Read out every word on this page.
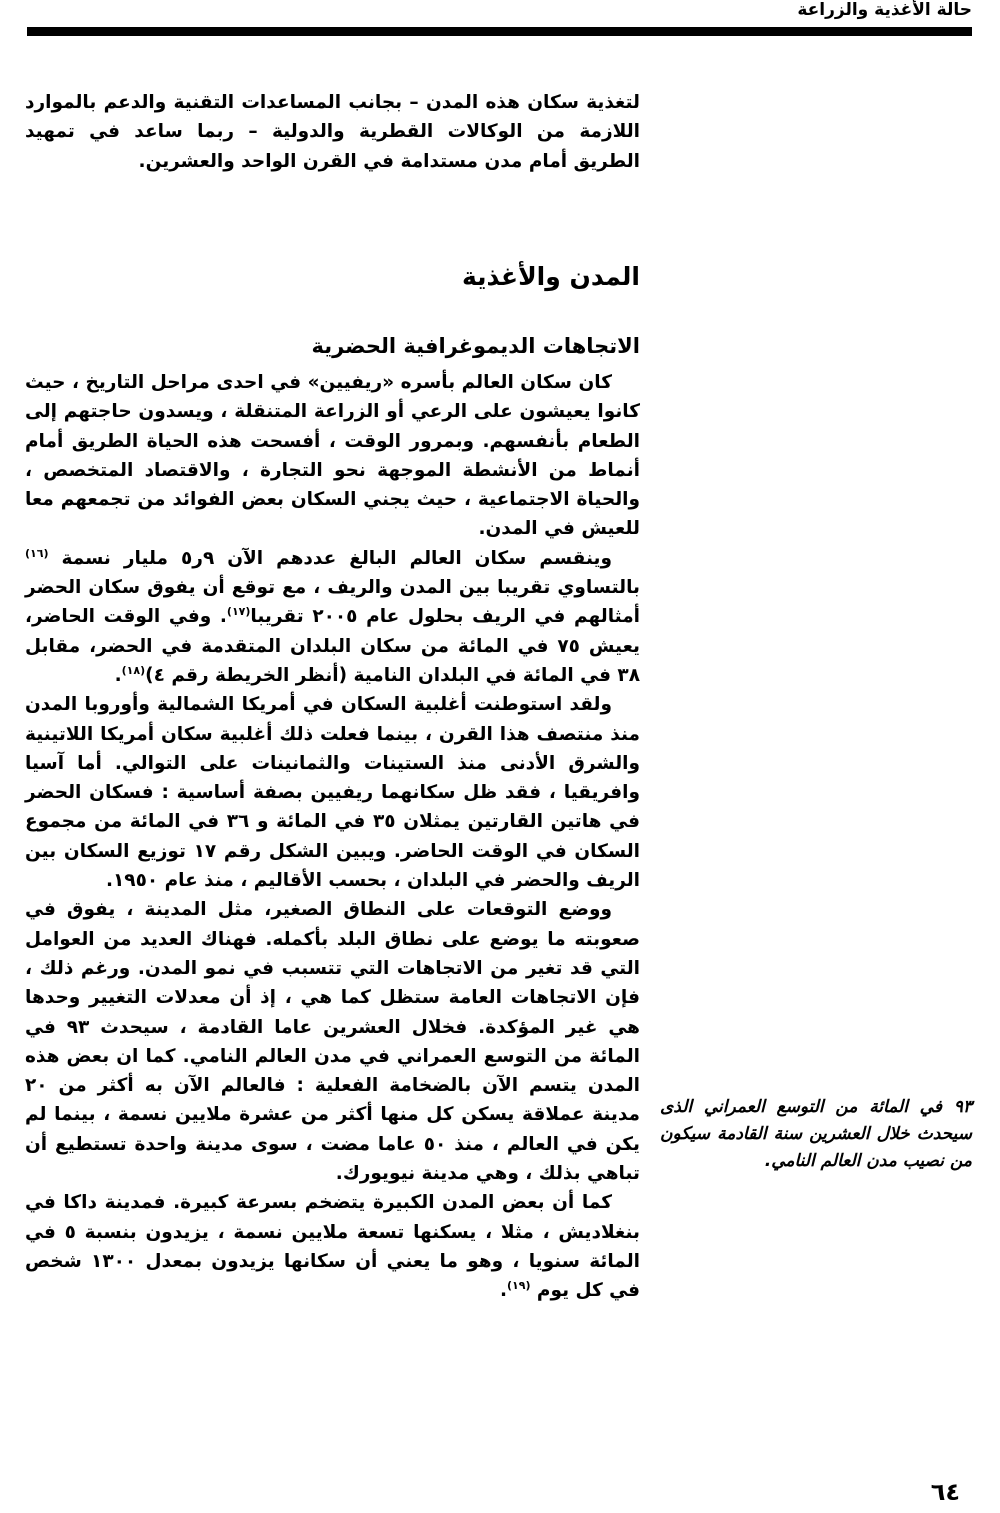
حالة الأغذية والزراعة

لتغذية سكان هذه المدن – بجانب المساعدات التقنية والدعم بالموارد اللازمة من الوكالات القطرية والدولية – ربما ساعد في تمهيد الطريق أمام مدن مستدامة في القرن الواحد والعشرين.

المدن والأغذية
الاتجاهات الديموغرافية الحضرية

كان سكان العالم بأسره «ريفيين» في احدى مراحل التاريخ ، حيث كانوا يعيشون على الرعي أو الزراعة المتنقلة ، ويسدون حاجتهم إلى الطعام بأنفسهم. وبمرور الوقت ، أفسحت هذه الحياة الطريق أمام أنماط من الأنشطة الموجهة نحو التجارة ، والاقتصاد المتخصص ، والحياة الاجتماعية ، حيث يجني السكان بعض الفوائد من تجمعهم معا للعيش في المدن.

وينقسم سكان العالم البالغ عددهم الآن ٩ر٥ مليار نسمة $^{(١٦)}$ بالتساوي تقريبا بين المدن والريف ، مع توقع أن يفوق سكان الحضر أمثالهم في الريف بحلول عام ٢٠٠٥ تقريبا$^{(١٧)}$. وفي الوقت الحاضر، يعيش ٧٥ في المائة من سكان البلدان المتقدمة في الحضر، مقابل ٣٨ في المائة في البلدان النامية (أنظر الخريطة رقم ٤)$^{(١٨)}$.

ولقد استوطنت أغلبية السكان في أمريكا الشمالية وأوروبا المدن منذ منتصف هذا القرن ، بينما فعلت ذلك أغلبية سكان أمريكا اللاتينية والشرق الأدنى منذ الستينات والثمانينات على التوالي. أما آسيا وافريقيا ، فقد ظل سكانهما ريفيين بصفة أساسية : فسكان الحضر في هاتين القارتين يمثلان ٣٥ في المائة و ٣٦ في المائة من مجموع السكان في الوقت الحاضر. ويبين الشكل رقم ١٧ توزيع السكان بين الريف والحضر في البلدان ، بحسب الأقاليم ، منذ عام ١٩٥٠.

ووضع التوقعات على النطاق الصغير، مثل المدينة ، يفوق في صعوبته ما يوضع على نطاق البلد بأكمله. فهناك العديد من العوامل التي قد تغير من الاتجاهات التي تتسبب في نمو المدن. ورغم ذلك ، فإن الاتجاهات العامة ستظل كما هي ، إذ أن معدلات التغيير وحدها هي غير المؤكدة. فخلال العشرين عاما القادمة ، سيحدث ٩٣ في المائة من التوسع العمراني في مدن العالم النامي. كما ان بعض هذه المدن يتسم الآن بالضخامة الفعلية : فالعالم الآن به أكثر من ٢٠ مدينة عملاقة يسكن كل منها أكثر من عشرة ملايين نسمة ، بينما لم يكن في العالم ، منذ ٥٠ عاما مضت ، سوى مدينة واحدة تستطيع أن تباهي بذلك ، وهي مدينة نيويورك.

كما أن بعض المدن الكبيرة يتضخم بسرعة كبيرة. فمدينة داكا في بنغلاديش ، مثلا ، يسكنها تسعة ملايين نسمة ، يزيدون بنسبة ٥ في المائة سنويا ، وهو ما يعني أن سكانها يزيدون بمعدل ١٣٠٠ شخص في كل يوم $^{(١٩)}$.

٩٣ في المائة من التوسع العمراني الذى سيحدث خلال العشرين سنة القادمة سيكون من نصيب مدن العالم النامي.
٦٤
